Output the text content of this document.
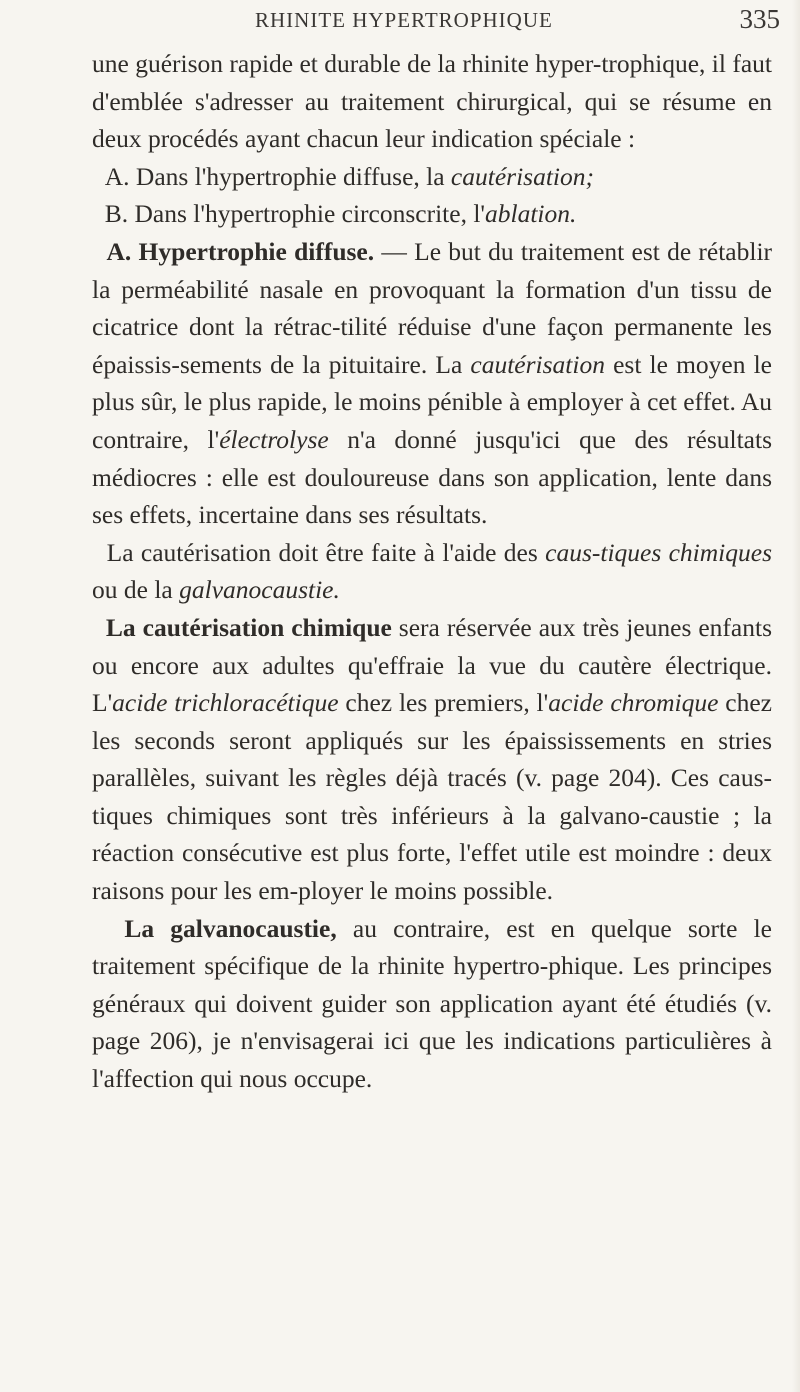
RHINITE HYPERTROPHIQUE	335

une guérison rapide et durable de la rhinite hyper-trophique, il faut d'emblée s'adresser au traitement chirurgical, qui se résume en deux procédés ayant chacun leur indication spéciale :

A. Dans l'hypertrophie diffuse, la cautérisation;

B. Dans l'hypertrophie circonscrite, l'ablation.

A. Hypertrophie diffuse. — Le but du traitement est de rétablir la perméabilité nasale en provoquant la formation d'un tissu de cicatrice dont la rétrac-tilité réduise d'une façon permanente les épaissis-sements de la pituitaire. La cautérisation est le moyen le plus sûr, le plus rapide, le moins pénible à employer à cet effet. Au contraire, l'électrolyse n'a donné jusqu'ici que des résultats médiocres : elle est douloureuse dans son application, lente dans ses effets, incertaine dans ses résultats.

La cautérisation doit être faite à l'aide des caus-tiques chimiques ou de la galvanocaustie.

La cautérisation chimique sera réservée aux très jeunes enfants ou encore aux adultes qu'effraie la vue du cautère électrique. L'acide trichloracétique chez les premiers, l'acide chromique chez les seconds seront appliqués sur les épaississements en stries parallèles, suivant les règles déjà tracés (v. page 204). Ces caus-tiques chimiques sont très inférieurs à la galvano-caustie ; la réaction consécutive est plus forte, l'effet utile est moindre : deux raisons pour les em-ployer le moins possible.

La galvanocaustie, au contraire, est en quelque sorte le traitement spécifique de la rhinite hypertro-phique. Les principes généraux qui doivent guider son application ayant été étudiés (v. page 206), je n'envisagerai ici que les indications particulières à l'affection qui nous occupe.
